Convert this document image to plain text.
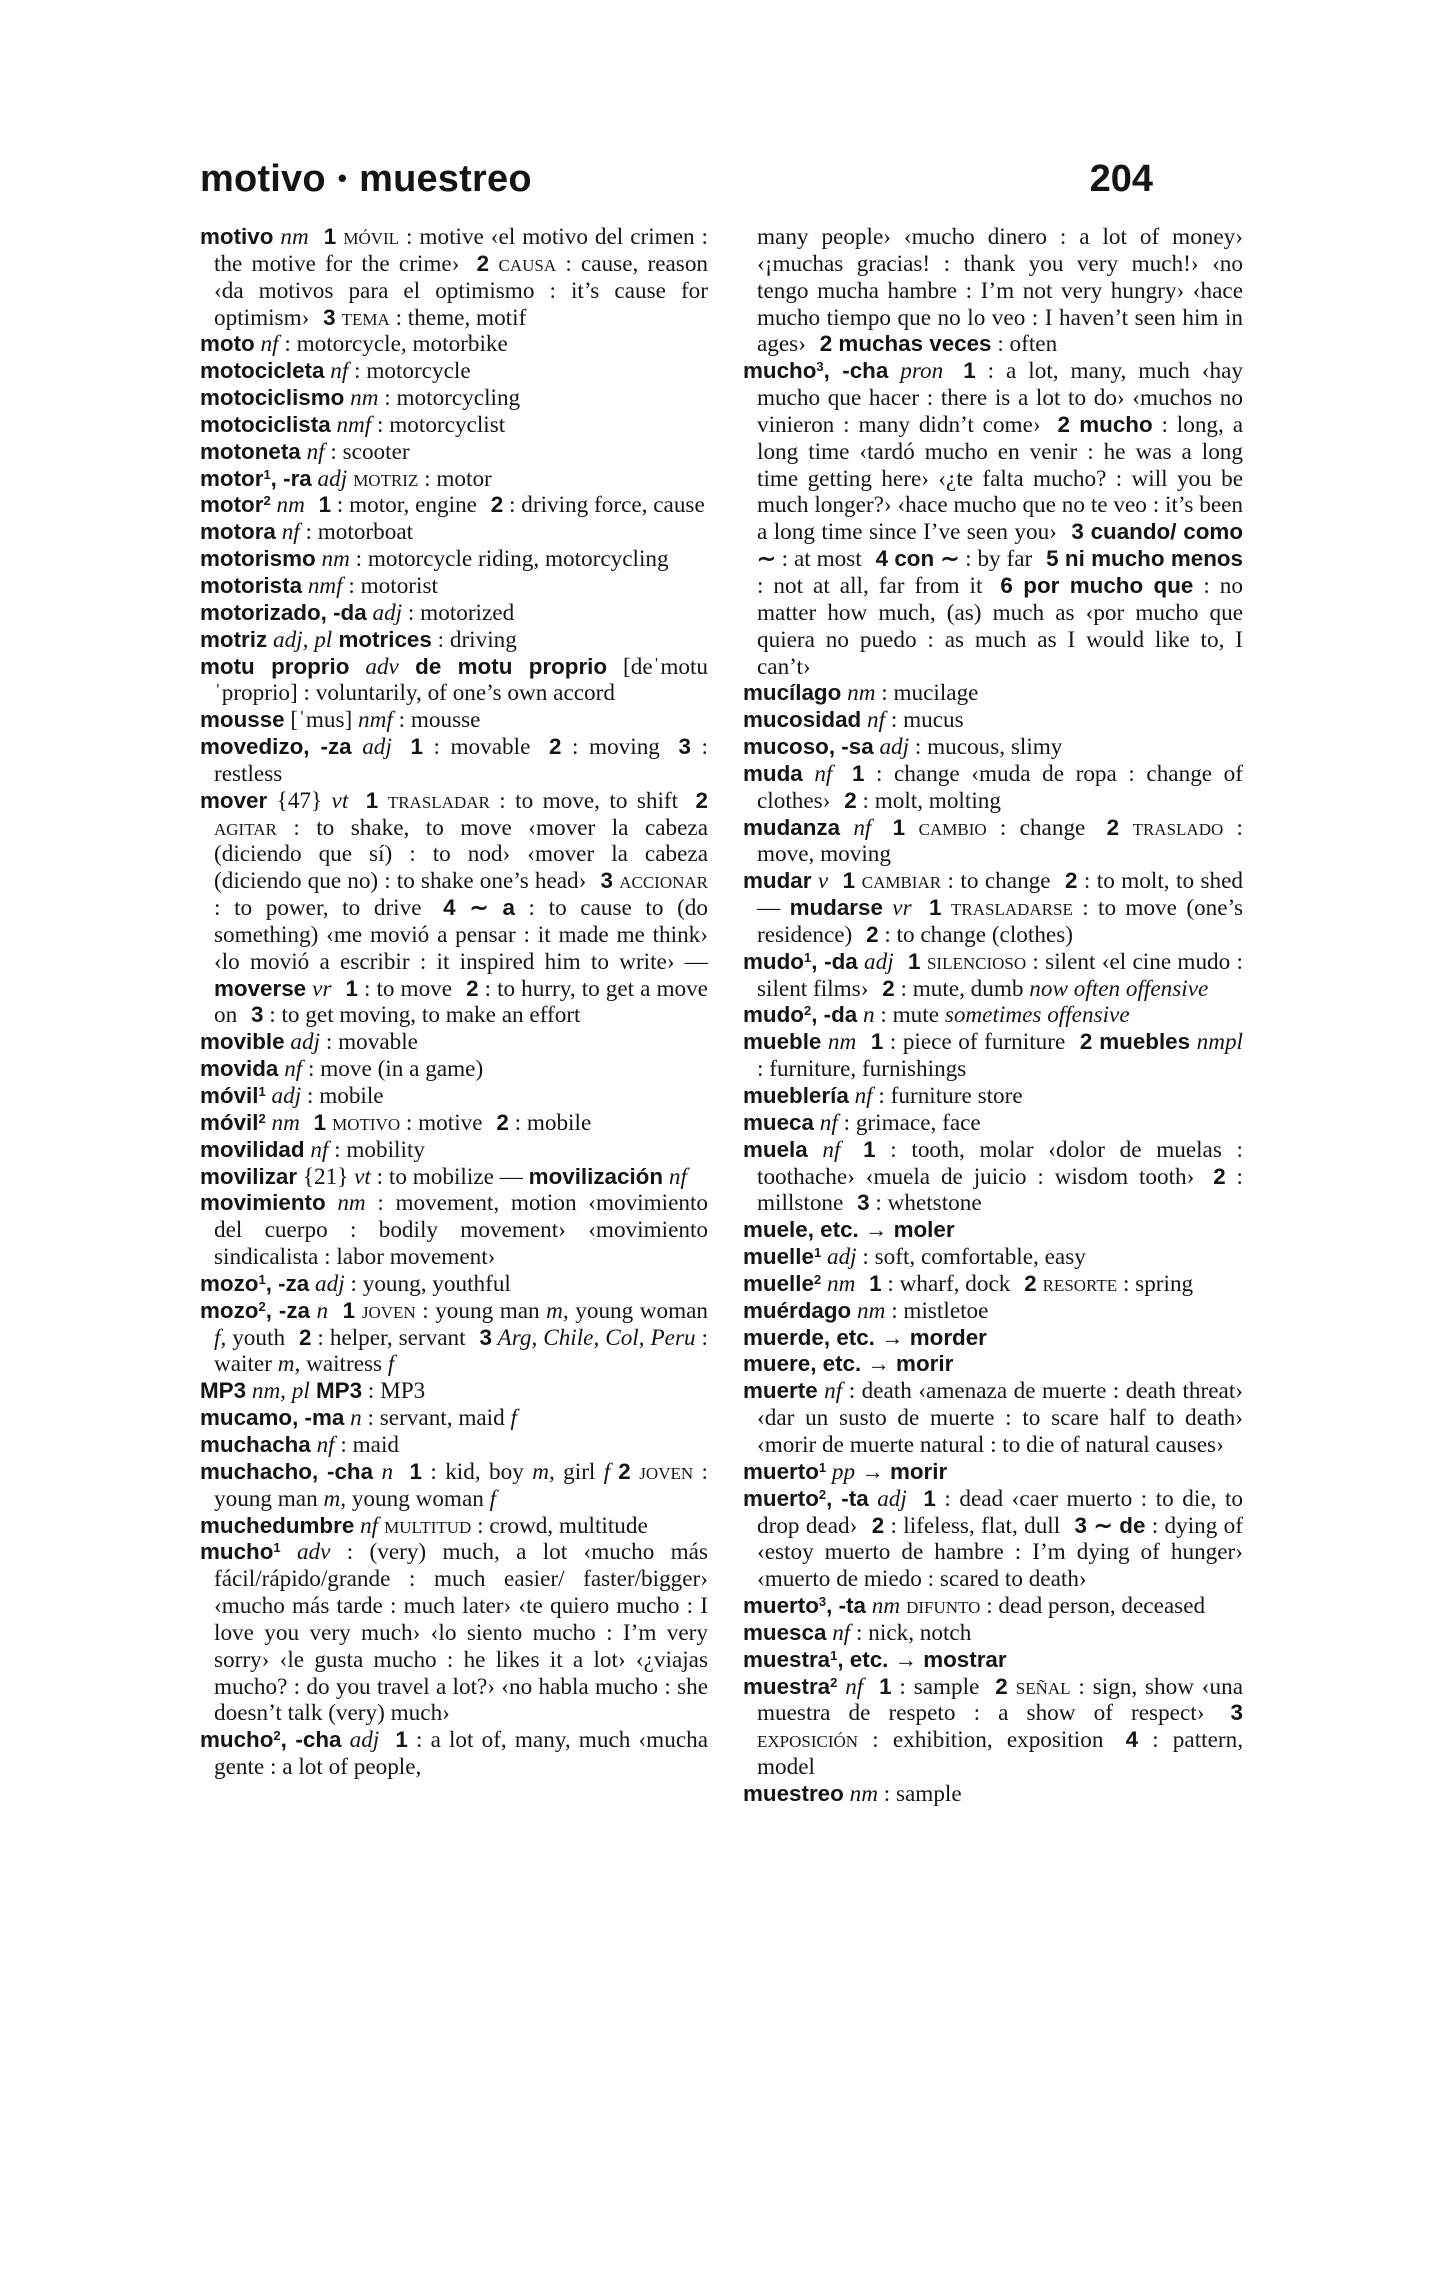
motivo • muestreo	204

motivo nm 1 móvil : motive ‹el motivo del crimen : the motive for the crime› 2 causa : cause, reason ‹da motivos para el optimismo : it’s cause for optimism› 3 tema : theme, motif

moto nf : motorcycle, motorbike

motocicleta nf : motorcycle

motociclismo nm : motorcycling

motociclista nmf : motorcyclist

motoneta nf : scooter

motor$^1$, -ra adj motriz : motor

motor$^2$ nm 1 : motor, engine 2 : driving force, cause

motora nf : motorboat

motorismo nm : motorcycle riding, motorcycling

motorista nmf : motorist

motorizado, -da adj : motorized

motriz adj, pl motrices : driving

motu proprio adv de motu proprio [deˈmotuˈproprio] : voluntarily, of one’s own accord

mousse [ˈmus] nmf : mousse

movedizo, -za adj 1 : movable 2 : moving 3 : restless

mover {47} vt 1 trasladar : to move, to shift 2 agitar : to shake, to move ‹mover la cabeza (diciendo que sí) : to nod› ‹mover la cabeza (diciendo que no) : to shake one’s head› 3 accionar : to power, to drive 4 ∼ a : to cause to (do something) ‹me movió a pensar : it made me think› ‹lo movió a escribir : it inspired him to write› — moverse vr 1 : to move 2 : to hurry, to get a move on 3 : to get moving, to make an effort

movible adj : movable

movida nf : move (in a game)

móvil$^1$ adj : mobile

móvil$^2$ nm 1 motivo : motive 2 : mobile

movilidad nf : mobility

movilizar {21} vt : to mobilize — movilización nf

movimiento nm : movement, motion ‹movimiento del cuerpo : bodily movement› ‹movimiento sindicalista : labor movement›

mozo$^1$, -za adj : young, youthful

mozo$^2$, -za n 1 joven : young man m, young woman f, youth 2 : helper, servant 3 Arg, Chile, Col, Peru : waiter m, waitress f

MP3 nm, pl MP3 : MP3

mucamo, -ma n : servant, maid f

muchacha nf : maid

muchacho, -cha n 1 : kid, boy m, girl f 2 joven : young man m, young woman f

muchedumbre nf multitud : crowd, multitude

mucho$^1$ adv : (very) much, a lot ‹mucho más fácil/rápido/grande : much easier/ faster/bigger› ‹mucho más tarde : much later› ‹te quiero mucho : I love you very much› ‹lo siento mucho : I’m very sorry› ‹le gusta mucho : he likes it a lot› ‹¿viajas mucho? : do you travel a lot?› ‹no habla mucho : she doesn’t talk (very) much›

mucho$^2$, -cha adj 1 : a lot of, many, much ‹mucha gente : a lot of people,

many people› ‹mucho dinero : a lot of money› ‹¡muchas gracias! : thank you very much!› ‹no tengo mucha hambre : I’m not very hungry› ‹hace mucho tiempo que no lo veo : I haven’t seen him in ages› 2 muchas veces : often

mucho$^3$, -cha pron 1 : a lot, many, much ‹hay mucho que hacer : there is a lot to do› ‹muchos no vinieron : many didn’t come› 2 mucho : long, a long time ‹tardó mucho en venir : he was a long time getting here› ‹¿te falta mucho? : will you be much longer?› ‹hace mucho que no te veo : it’s been a long time since I’ve seen you› 3 cuando/ como ∼ : at most 4 con ∼ : by far 5 ni mucho menos : not at all, far from it 6 por mucho que : no matter how much, (as) much as ‹por mucho que quiera no puedo : as much as I would like to, I can’t›

mucílago nm : mucilage

mucosidad nf : mucus

mucoso, -sa adj : mucous, slimy

muda nf 1 : change ‹muda de ropa : change of clothes› 2 : molt, molting

mudanza nf 1 cambio : change 2 traslado : move, moving

mudar v 1 cambiar : to change 2 : to molt, to shed — mudarse vr 1 trasladarse : to move (one’s residence) 2 : to change (clothes)

mudo$^1$, -da adj 1 silencioso : silent ‹el cine mudo : silent films› 2 : mute, dumb now often offensive

mudo$^2$, -da n : mute sometimes offensive

mueble nm 1 : piece of furniture 2 muebles nmpl : furniture, furnishings

mueblería nf : furniture store

mueca nf : grimace, face

muela nf 1 : tooth, molar ‹dolor de muelas : toothache› ‹muela de juicio : wisdom tooth› 2 : millstone 3 : whetstone

muele, etc. → moler

muelle$^1$ adj : soft, comfortable, easy

muelle$^2$ nm 1 : wharf, dock 2 resorte : spring

muérdago nm : mistletoe

muerde, etc. → morder

muere, etc. → morir

muerte nf : death ‹amenaza de muerte : death threat› ‹dar un susto de muerte : to scare half to death› ‹morir de muerte natural : to die of natural causes›

muerto$^1$ pp → morir

muerto$^2$, -ta adj 1 : dead ‹caer muerto : to die, to drop dead› 2 : lifeless, flat, dull 3 ∼ de : dying of ‹estoy muerto de hambre : I’m dying of hunger› ‹muerto de miedo : scared to death›

muerto$^3$, -ta nm difunto : dead person, deceased

muesca nf : nick, notch

muestra$^1$, etc. → mostrar

muestra$^2$ nf 1 : sample 2 señal : sign, show ‹una muestra de respeto : a show of respect› 3 exposición : exhibition, exposition 4 : pattern, model

muestreo nm : sample
